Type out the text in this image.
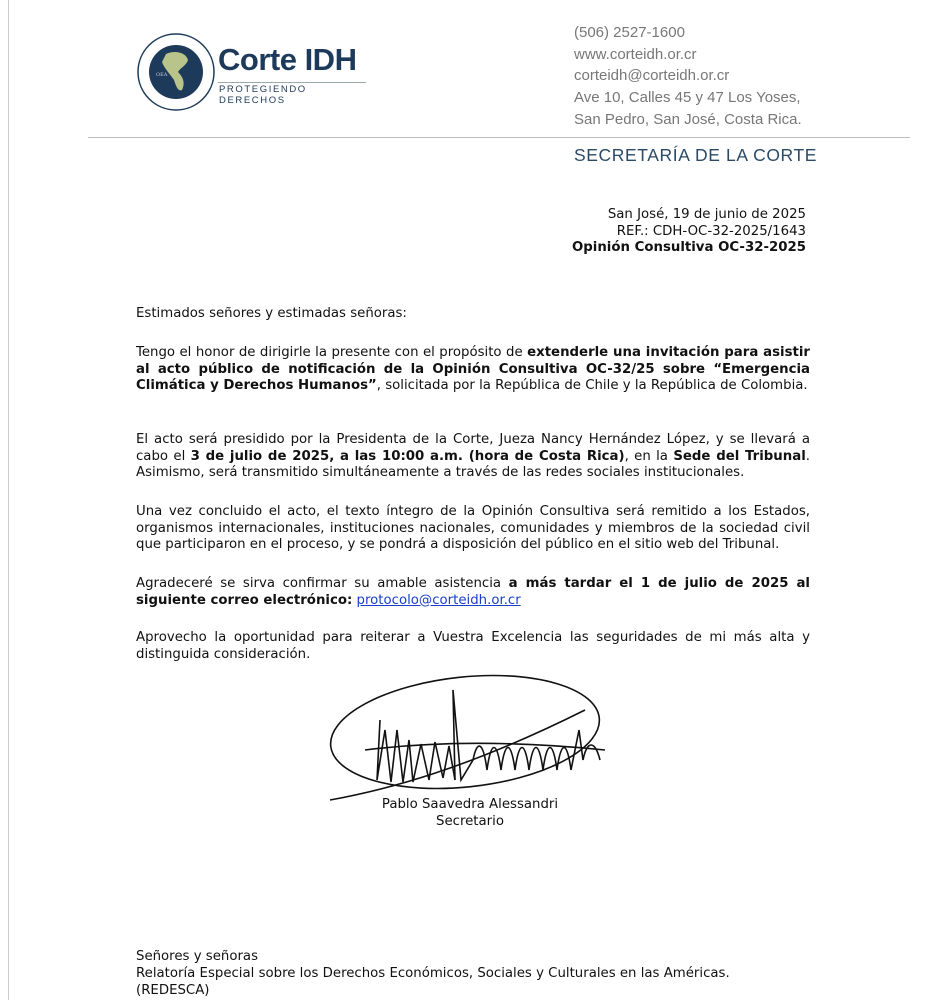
OEA Corte IDH
PROTEGIENDO DERECHOS
(506) 2527-1600
www.corteidh.or.cr
corteidh@corteidh.or.cr
Ave 10, Calles 45 y 47 Los Yoses,
San Pedro, San José, Costa Rica.
SECRETARÍA DE LA CORTE
San José, 19 de junio de 2025
REF.: CDH-OC-32-2025/1643
Opinión Consultiva OC-32-2025

Estimados señores y estimadas señoras:

Tengo el honor de dirigirle la presente con el propósito de extenderle una invitación para asistir al acto público de notificación de la Opinión Consultiva OC-32/25 sobre “Emergencia Climática y Derechos Humanos”, solicitada por la República de Chile y la República de Colombia.

El acto será presidido por la Presidenta de la Corte, Jueza Nancy Hernández López, y se llevará a cabo el 3 de julio de 2025, a las 10:00 a.m. (hora de Costa Rica), en la Sede del Tribunal. Asimismo, será transmitido simultáneamente a través de las redes sociales institucionales.

Una vez concluido el acto, el texto íntegro de la Opinión Consultiva será remitido a los Estados, organismos internacionales, instituciones nacionales, comunidades y miembros de la sociedad civil que participaron en el proceso, y se pondrá a disposición del público en el sitio web del Tribunal.

Agradeceré se sirva confirmar su amable asistencia a más tardar el 1 de julio de 2025 al siguiente correo electrónico: protocolo@corteidh.or.cr

Aprovecho la oportunidad para reiterar a Vuestra Excelencia las seguridades de mi más alta y distinguida consideración.

Pablo Saavedra Alessandri
Secretario
Señores y señoras
Relatoría Especial sobre los Derechos Económicos, Sociales y Culturales en las Américas.
(REDESCA)
